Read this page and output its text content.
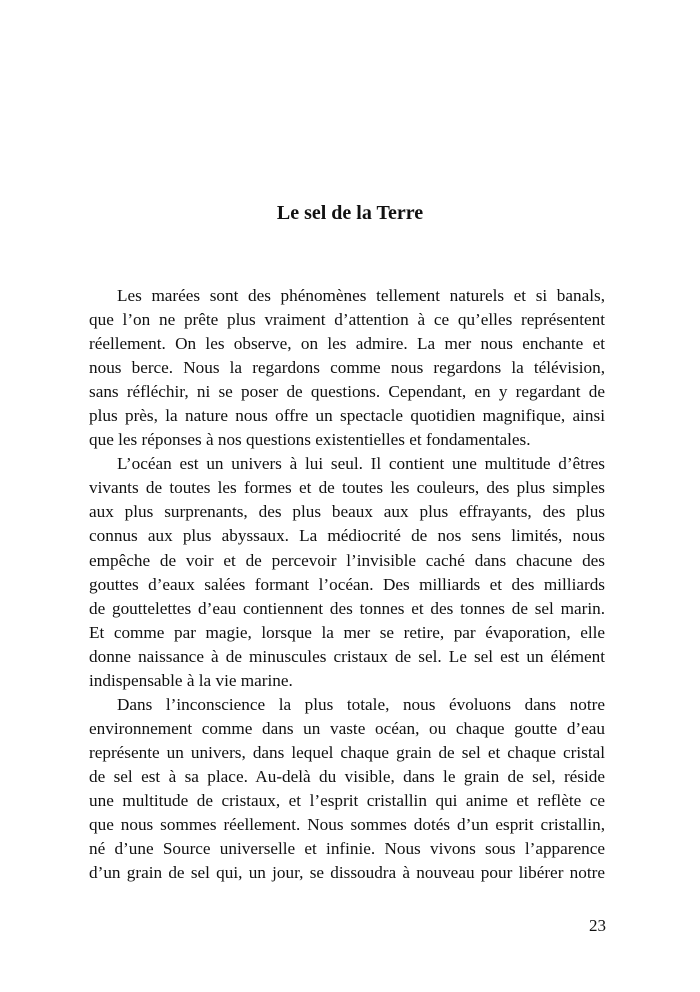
Le sel de la Terre
Les marées sont des phénomènes tellement naturels et si banals,
que l’on ne prête plus vraiment d’attention à ce qu’elles représentent
réellement. On les observe, on les admire. La mer nous enchante et
nous berce. Nous la regardons comme nous regardons la télévision,
sans réfléchir, ni se poser de questions. Cependant, en y regardant de
plus près, la nature nous offre un spectacle quotidien magnifique, ainsi
que les réponses à nos questions existentielles et fondamentales.
L’océan est un univers à lui seul. Il contient une multitude d’êtres
vivants de toutes les formes et de toutes les couleurs, des plus simples
aux plus surprenants, des plus beaux aux plus effrayants, des plus
connus aux plus abyssaux. La médiocrité de nos sens limités, nous
empêche de voir et de percevoir l’invisible caché dans chacune des
gouttes d’eaux salées formant l’océan. Des milliards et des milliards
de gouttelettes d’eau contiennent des tonnes et des tonnes de sel marin.
Et comme par magie, lorsque la mer se retire, par évaporation, elle
donne naissance à de minuscules cristaux de sel. Le sel est un élément
indispensable à la vie marine.
Dans l’inconscience la plus totale, nous évoluons dans notre
environnement comme dans un vaste océan, ou chaque goutte d’eau
représente un univers, dans lequel chaque grain de sel et chaque cristal
de sel est à sa place. Au-delà du visible, dans le grain de sel, réside
une multitude de cristaux, et l’esprit cristallin qui anime et reflète ce
que nous sommes réellement. Nous sommes dotés d’un esprit cristallin,
né d’une Source universelle et infinie. Nous vivons sous l’apparence
d’un grain de sel qui, un jour, se dissoudra à nouveau pour libérer notre
23
